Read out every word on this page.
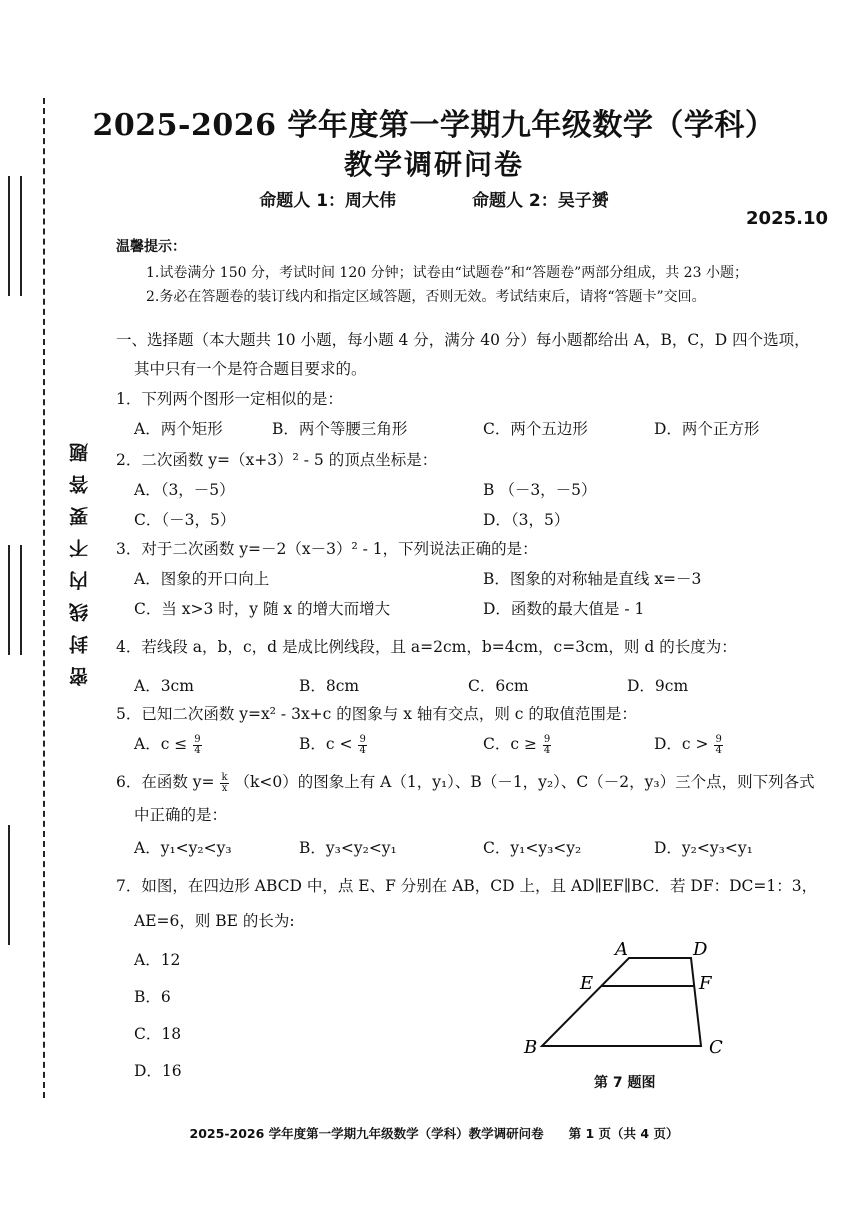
密封线内不要答题
2025-2026 学年度第一学期九年级数学（学科）
教学调研问卷
命题人 1：周大伟	命题人 2：吴子赟
2025.10
温馨提示：
1.试卷满分 150 分，考试时间 120 分钟；试卷由“试题卷”和“答题卷”两部分组成，共 23 小题；
2.务必在答题卷的装订线内和指定区域答题，否则无效。考试结束后，请将“答题卡”交回。
一、选择题（本大题共 10 小题，每小题 4 分，满分 40 分）每小题都给出 A，B，C，D 四个选项，
其中只有一个是符合题目要求的。
1．下列两个图形一定相似的是：
A．两个矩形	B．两个等腰三角形	C．两个五边形	D．两个正方形
2．二次函数 y=（x+3）² - 5 的顶点坐标是：
A．（3，－5）	B （－3，－5）
C．（－3，5）	D．（3，5）
3．对于二次函数 y=－2（x－3）² - 1，下列说法正确的是：
A．图象的开口向上	B．图象的对称轴是直线 x=－3
C．当 x>3 时，y 随 x 的增大而增大	D．函数的最大值是 - 1
4．若线段 a，b，c，d 是成比例线段，且 a=2cm，b=4cm，c=3cm，则 d 的长度为：
A．3cm	B．8cm	C．6cm	D．9cm
5．已知二次函数 y=x² - 3x+c 的图象与 x 轴有交点，则 c 的取值范围是：
A．$c \le \frac{9}{4}$	B．$c < \frac{9}{4}$	C．$c \ge \frac{9}{4}$	D．$c > \frac{9}{4}$
6．在函数 $y= \frac{k}{x} (k<0)$的图象上有 A（1，y₁）、B（－1，y₂）、C（－2，y₃）三个点，则下列各式
中正确的是：
A．y₁<y₂<y₃	B．y₃<y₂<y₁	C．y₁<y₃<y₂	D．y₂<y₃<y₁
7．如图，在四边形 ABCD 中，点 E、F 分别在 AB，CD 上，且 AD∥EF∥BC．若 DF：DC=1：3，
AE=6，则 BE 的长为:
A．12
B．6
C．18
D．16
A	D
E	F
B	C
第 7 题图
2025-2026 学年度第一学期九年级数学（学科）教学调研问卷　　第 1 页（共 4 页）
